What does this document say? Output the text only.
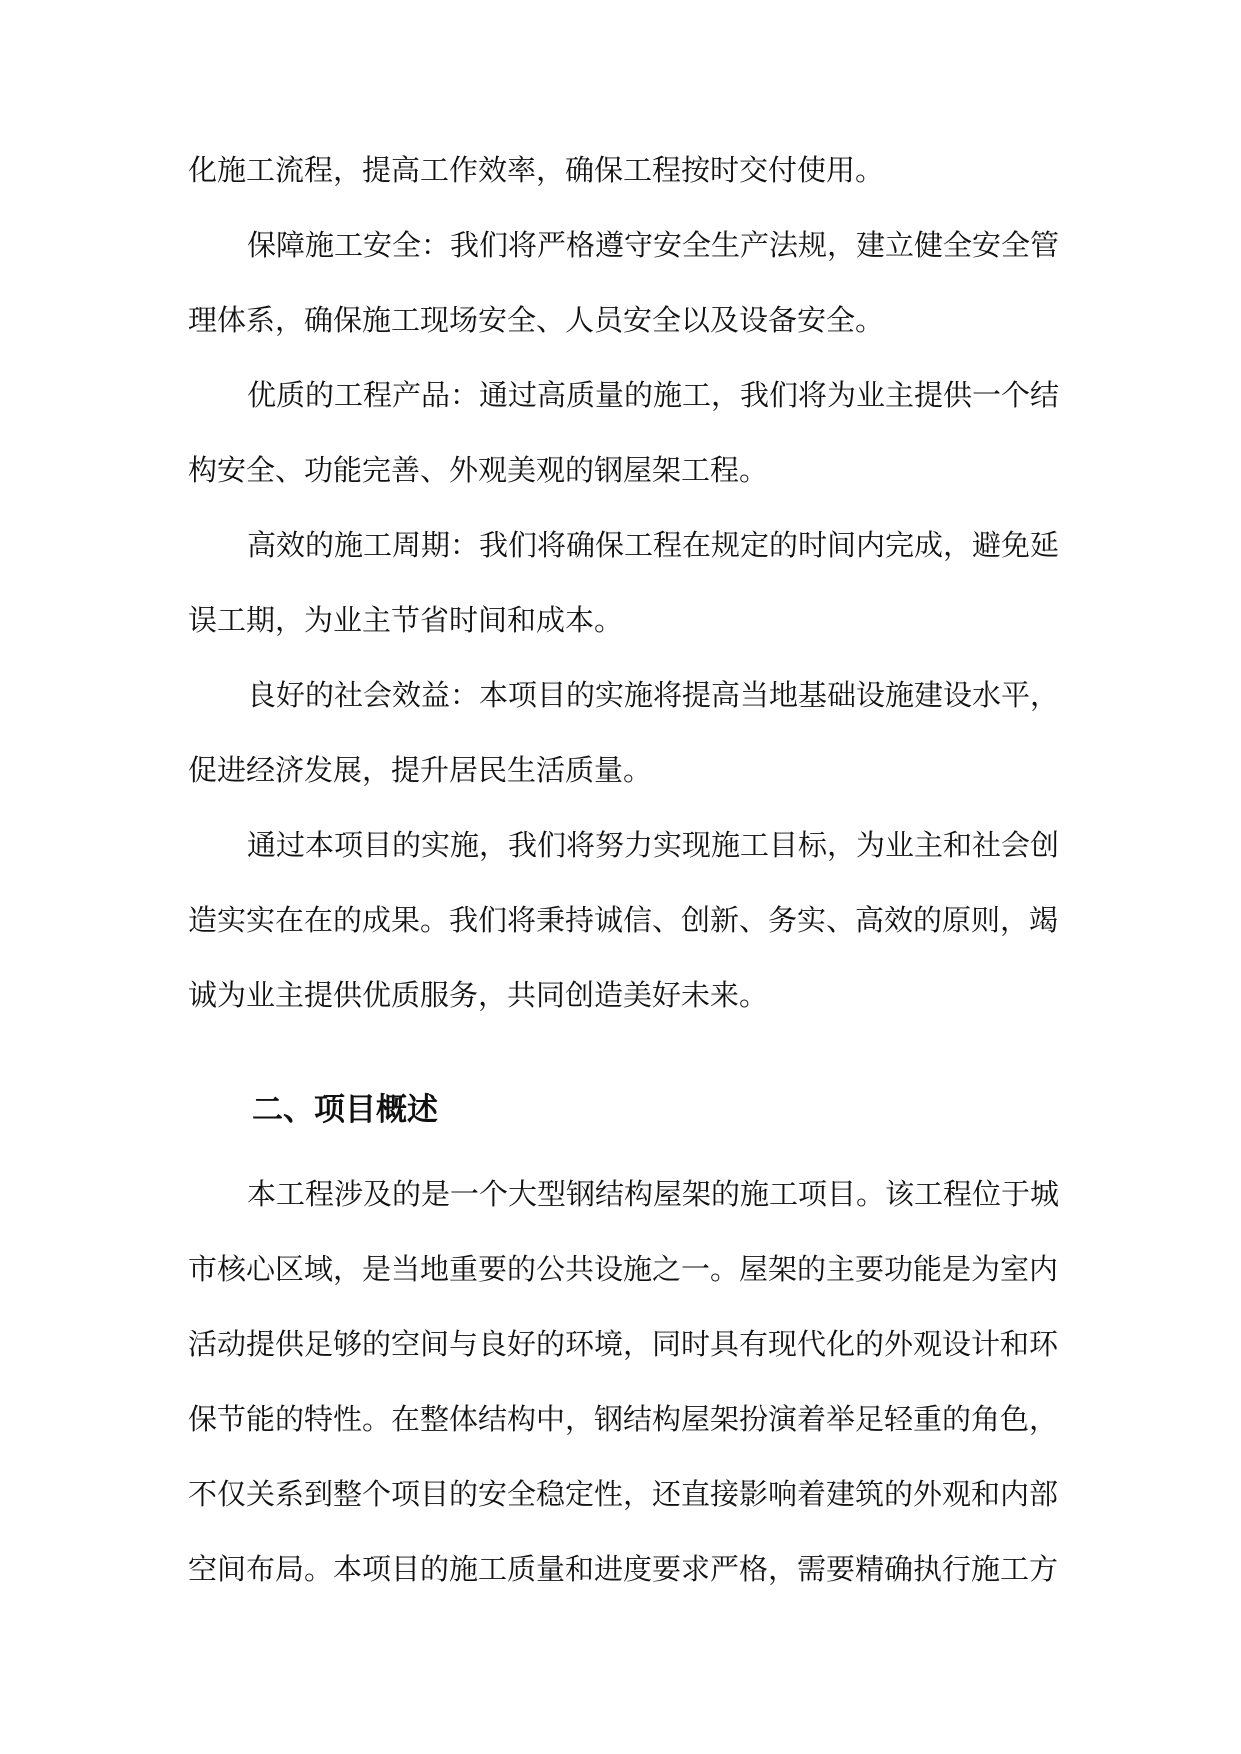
化施工流程，提高工作效率，确保工程按时交付使用。
保障施工安全：我们将严格遵守安全生产法规，建立健全安全管
理体系，确保施工现场安全、人员安全以及设备安全。
优质的工程产品：通过高质量的施工，我们将为业主提供一个结
构安全、功能完善、外观美观的钢屋架工程。
高效的施工周期：我们将确保工程在规定的时间内完成，避免延
误工期，为业主节省时间和成本。
良好的社会效益：本项目的实施将提高当地基础设施建设水平，
促进经济发展，提升居民生活质量。
通过本项目的实施，我们将努力实现施工目标，为业主和社会创
造实实在在的成果。我们将秉持诚信、创新、务实、高效的原则，竭
诚为业主提供优质服务，共同创造美好未来。
二、项目概述
本工程涉及的是一个大型钢结构屋架的施工项目。该工程位于城
市核心区域，是当地重要的公共设施之一。屋架的主要功能是为室内
活动提供足够的空间与良好的环境，同时具有现代化的外观设计和环
保节能的特性。在整体结构中，钢结构屋架扮演着举足轻重的角色，
不仅关系到整个项目的安全稳定性，还直接影响着建筑的外观和内部
空间布局。本项目的施工质量和进度要求严格，需要精确执行施工方
